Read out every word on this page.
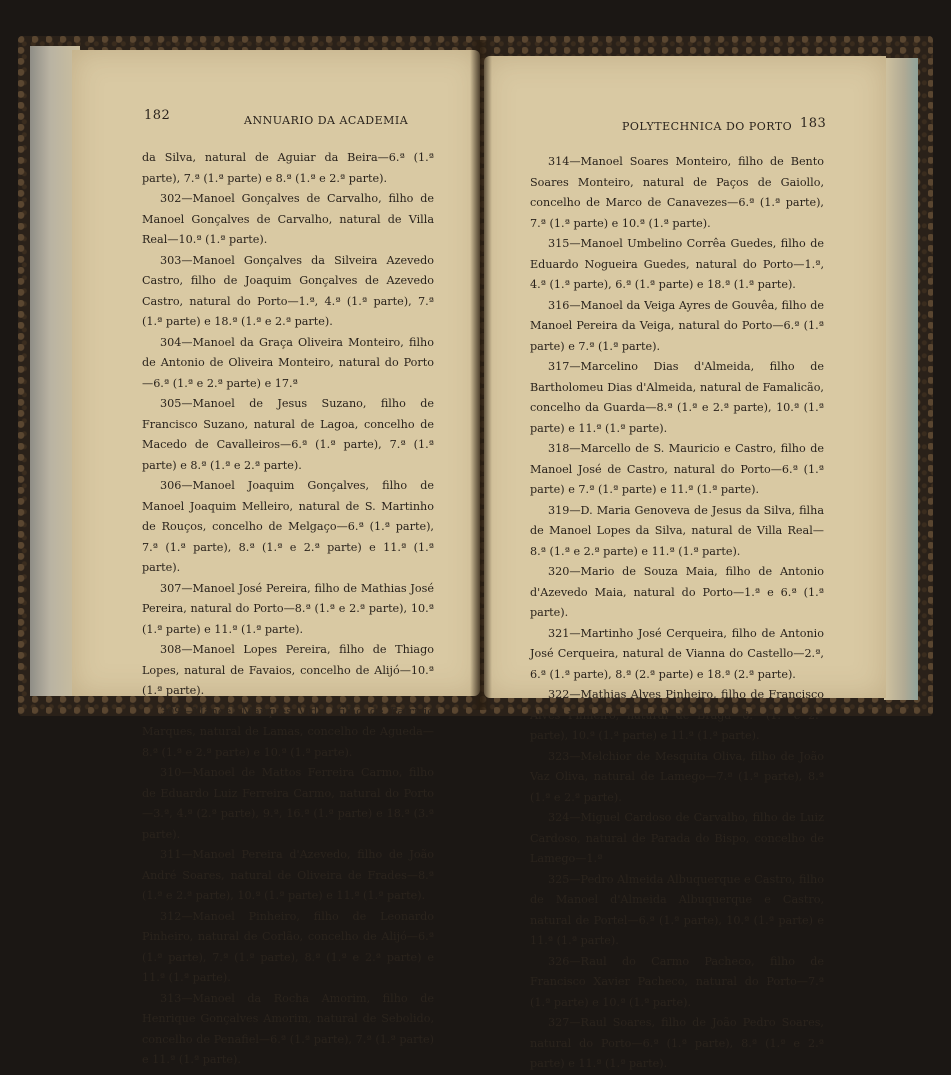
182	ANNUARIO DA ACADEMIA

da Silva, natural de Aguiar da Beira—6.ª (1.ª parte), 7.ª (1.ª parte) e 8.ª (1.ª e 2.ª parte).

302—Manoel Gonçalves de Carvalho, filho de Manoel Gonçalves de Carvalho, natural de Villa Real—10.ª (1.ª parte).

303—Manoel Gonçalves da Silveira Azevedo Castro, filho de Joaquim Gonçalves de Azevedo Castro, natural do Porto—1.ª, 4.ª (1.ª parte), 7.ª (1.ª parte) e 18.ª (1.ª e 2.ª parte).

304—Manoel da Graça Oliveira Monteiro, filho de Antonio de Oliveira Monteiro, natural do Porto—6.ª (1.ª e 2.ª parte) e 17.ª

305—Manoel de Jesus Suzano, filho de Francisco Suzano, natural de Lagoa, concelho de Macedo de Cavalleiros—6.ª (1.ª parte), 7.ª (1.ª parte) e 8.ª (1.ª e 2.ª parte).

306—Manoel Joaquim Gonçalves, filho de Manoel Joaquim Melleiro, natural de S. Martinho de Rouços, concelho de Melgaço—6.ª (1.ª parte), 7.ª (1.ª parte), 8.ª (1.ª e 2.ª parte) e 11.ª (1.ª parte).

307—Manoel José Pereira, filho de Mathias José Pereira, natural do Porto—8.ª (1.ª e 2.ª parte), 10.ª (1.ª parte) e 11.ª (1.ª parte).

308—Manoel Lopes Pereira, filho de Thiago Lopes, natural de Favaios, concelho de Alijó—10.ª (1.ª parte).

309—Manoel Marques Vidal, filho de Patricio Marques, natural de Lamas, concelho de Agueda—8.ª (1.ª e 2.ª parte) e 10.ª (1.ª parte).

310—Manoel de Mattos Ferreira Carmo, filho de Eduardo Luiz Ferreira Carmo, natural do Porto—3.ª, 4.ª (2.ª parte), 9.ª, 16.ª (1.ª parte) e 18.ª (3.ª parte).

311—Manoel Pereira d'Azevedo, filho de João André Soares, natural de Oliveira de Frades—8.ª (1.ª e 2.ª parte), 10.ª (1.ª parte) e 11.ª (1.ª parte).

312—Manoel Pinheiro, filho de Leonardo Pinheiro, natural de Corlão, concelho de Alijó—6.ª (1.ª parte), 7.ª (1.ª parte), 8.ª (1.ª e 2.ª parte) e 11.ª (1.ª parte).

313—Manoel da Rocha Amorim, filho de Henrique Gonçalves Amorim, natural de Sebolido, concelho de Penafiel—6.ª (1.ª parte), 7.ª (1.ª parte) e 11.ª (1.ª parte).

POLYTECHNICA DO PORTO 183

314—Manoel Soares Monteiro, filho de Bento Soares Monteiro, natural de Paços de Gaiollo, concelho de Marco de Canavezes—6.ª (1.ª parte), 7.ª (1.ª parte) e 10.ª (1.ª parte).

315—Manoel Umbelino Corrêa Guedes, filho de Eduardo Nogueira Guedes, natural do Porto—1.ª, 4.ª (1.ª parte), 6.ª (1.ª parte) e 18.ª (1.ª parte).

316—Manoel da Veiga Ayres de Gouvêa, filho de Manoel Pereira da Veiga, natural do Porto—6.ª (1.ª parte) e 7.ª (1.ª parte).

317—Marcelino Dias d'Almeida, filho de Bartholomeu Dias d'Almeida, natural de Famalicão, concelho da Guarda—8.ª (1.ª e 2.ª parte), 10.ª (1.ª parte) e 11.ª (1.ª parte).

318—Marcello de S. Mauricio e Castro, filho de Manoel José de Castro, natural do Porto—6.ª (1.ª parte) e 7.ª (1.ª parte) e 11.ª (1.ª parte).

319—D. Maria Genoveva de Jesus da Silva, filha de Manoel Lopes da Silva, natural de Villa Real—8.ª (1.ª e 2.ª parte) e 11.ª (1.ª parte).

320—Mario de Souza Maia, filho de Antonio d'Azevedo Maia, natural do Porto—1.ª e 6.ª (1.ª parte).

321—Martinho José Cerqueira, filho de Antonio José Cerqueira, natural de Vianna do Castello—2.ª, 6.ª (1.ª parte), 8.ª (2.ª parte) e 18.ª (2.ª parte).

322—Mathias Alves Pinheiro, filho de Francisco Alves Pinheiro, natural de Braga—8.ª (1.ª e 2.ª parte), 10.ª (1.ª parte) e 11.ª (1.ª parte).

323—Melchior de Mesquita Oliva, filho de João Vaz Oliva, natural de Lamego—7.ª (1.ª parte), 8.ª (1.ª e 2.ª parte).

324—Miguel Cardoso de Carvalho, filho de Luiz Cardoso, natural de Parada do Bispo, concelho de Lamego—1.ª

325—Pedro Almeida Albuquerque e Castro, filho de Manoel d'Almeida Albuquerque e Castro, natural de Portel—6.ª (1.ª parte), 10.ª (1.ª parte) e 11.ª (1.ª parte).

326—Raul do Carmo Pacheco, filho de Francisco Xavier Pacheco, natural do Porto—7.ª (1.ª parte) e 10.ª (1.ª parte).

327—Raul Soares, filho de João Pedro Soares, natural do Porto—6.ª (1.ª parte), 8.ª (1.ª e 2.ª parte) e 11.ª (1.ª parte).
